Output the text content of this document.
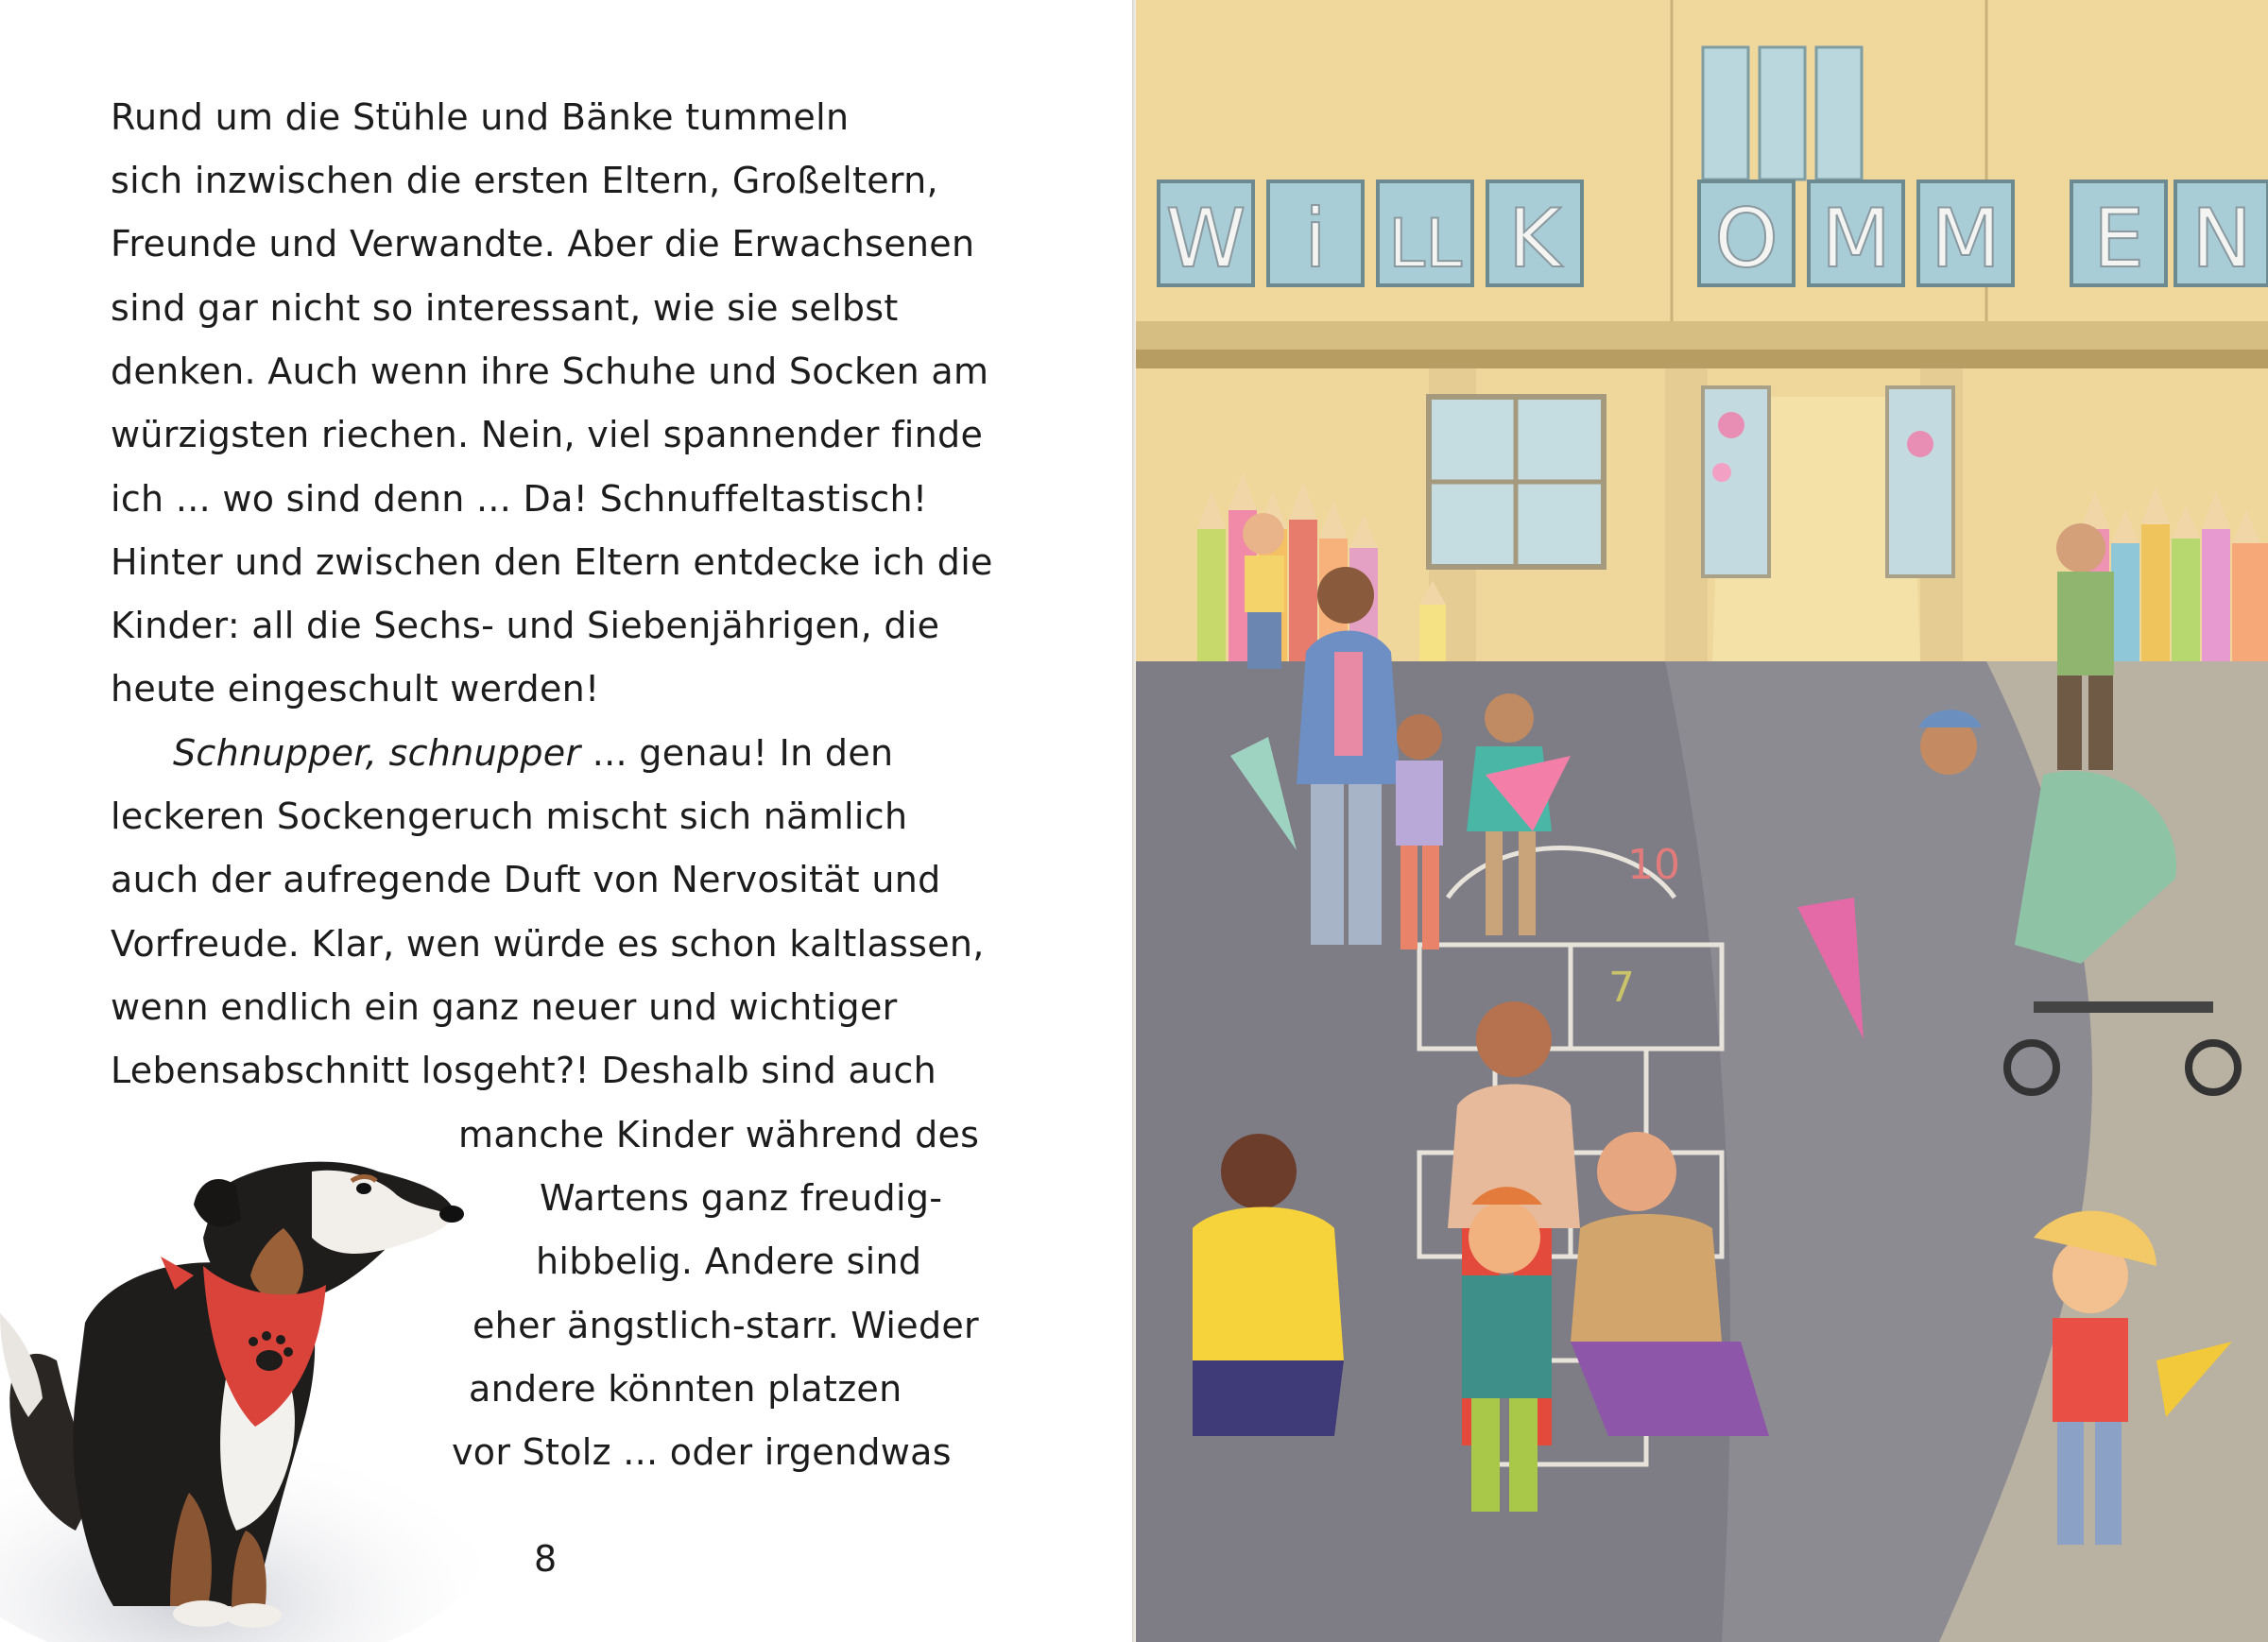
Rund um die Stühle und Bänke tummeln
sich inzwischen die ersten Eltern, Großeltern,
Freunde und Verwandte. Aber die Erwachsenen
sind gar nicht so interessant, wie sie selbst
denken. Auch wenn ihre Schuhe und Socken am
würzigsten riechen. Nein, viel spannender finde
ich ... wo sind denn ... Da! Schnuffeltastisch!
Hinter und zwischen den Eltern entdecke ich die
Kinder: all die Sechs- und Siebenjährigen, die
heute eingeschult werden!
Schnupper, schnupper ... genau! In den
leckeren Sockengeruch mischt sich nämlich
auch der aufregende Duft von Nervosität und
Vorfreude. Klar, wen würde es schon kaltlassen,
wenn endlich ein ganz neuer und wichtiger
Lebensabschnitt losgeht?! Deshalb sind auch
manche Kinder während des
Wartens ganz freudig-
hibbelig. Andere sind
eher ängstlich-starr. Wieder
andere könnten platzen
vor Stolz ... oder irgendwas
8
W i LL K O M M E N
10
7
